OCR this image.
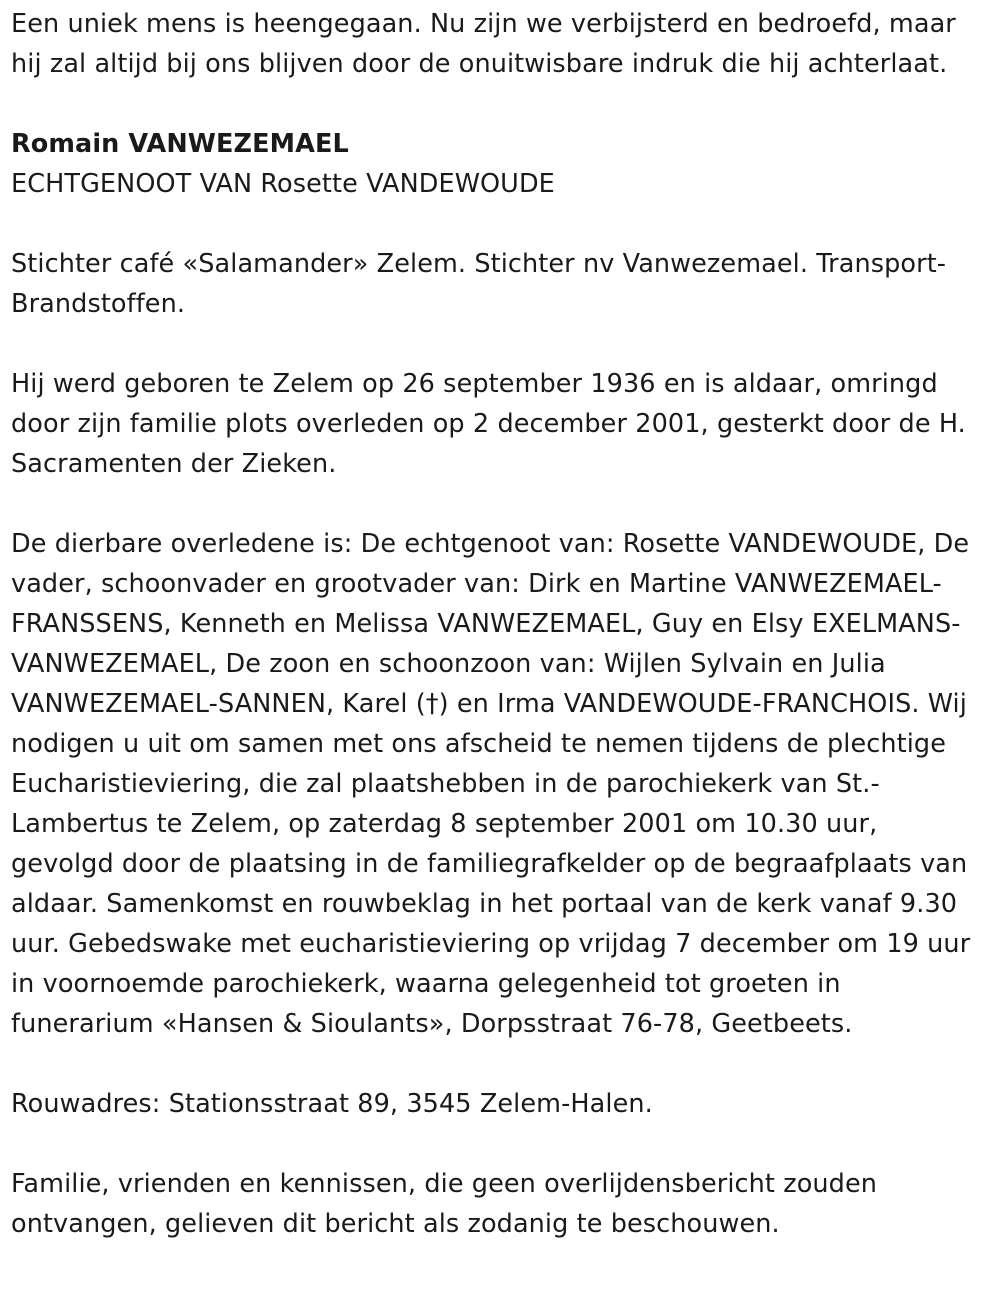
Een uniek mens is heengegaan. Nu zijn we verbijsterd en bedroefd, maar hij zal altijd bij ons blijven door de onuitwisbare indruk die hij achterlaat.

Romain VANWEZEMAEL

ECHTGENOOT VAN Rosette VANDEWOUDE

Stichter café «Salamander» Zelem. Stichter nv Vanwezemael. Transport-Brandstoffen.

Hij werd geboren te Zelem op 26 september 1936 en is aldaar, omringd door zijn familie plots overleden op 2 december 2001, gesterkt door de H. Sacramenten der Zieken.

De dierbare overledene is: De echtgenoot van: Rosette VANDEWOUDE, De vader, schoonvader en grootvader van: Dirk en Martine VANWEZEMAEL-FRANSSENS, Kenneth en Melissa VANWEZEMAEL, Guy en Elsy EXELMANS-VANWEZEMAEL, De zoon en schoonzoon van: Wijlen Sylvain en Julia VANWEZEMAEL-SANNEN, Karel (†) en Irma VANDEWOUDE-FRANCHOIS. Wij nodigen u uit om samen met ons afscheid te nemen tijdens de plechtige Eucharistieviering, die zal plaatshebben in de parochiekerk van St.-Lambertus te Zelem, op zaterdag 8 september 2001 om 10.30 uur, gevolgd door de plaatsing in de familiegrafkelder op de begraafplaats van aldaar. Samenkomst en rouwbeklag in het portaal van de kerk vanaf 9.30 uur. Gebedswake met eucharistieviering op vrijdag 7 december om 19 uur in voornoemde parochiekerk, waarna gelegenheid tot groeten in funerarium «Hansen & Sioulants», Dorpsstraat 76-78, Geetbeets.

Rouwadres: Stationsstraat 89, 3545 Zelem-Halen.

Familie, vrienden en kennissen, die geen overlijdensbericht zouden ontvangen, gelieven dit bericht als zodanig te beschouwen.
